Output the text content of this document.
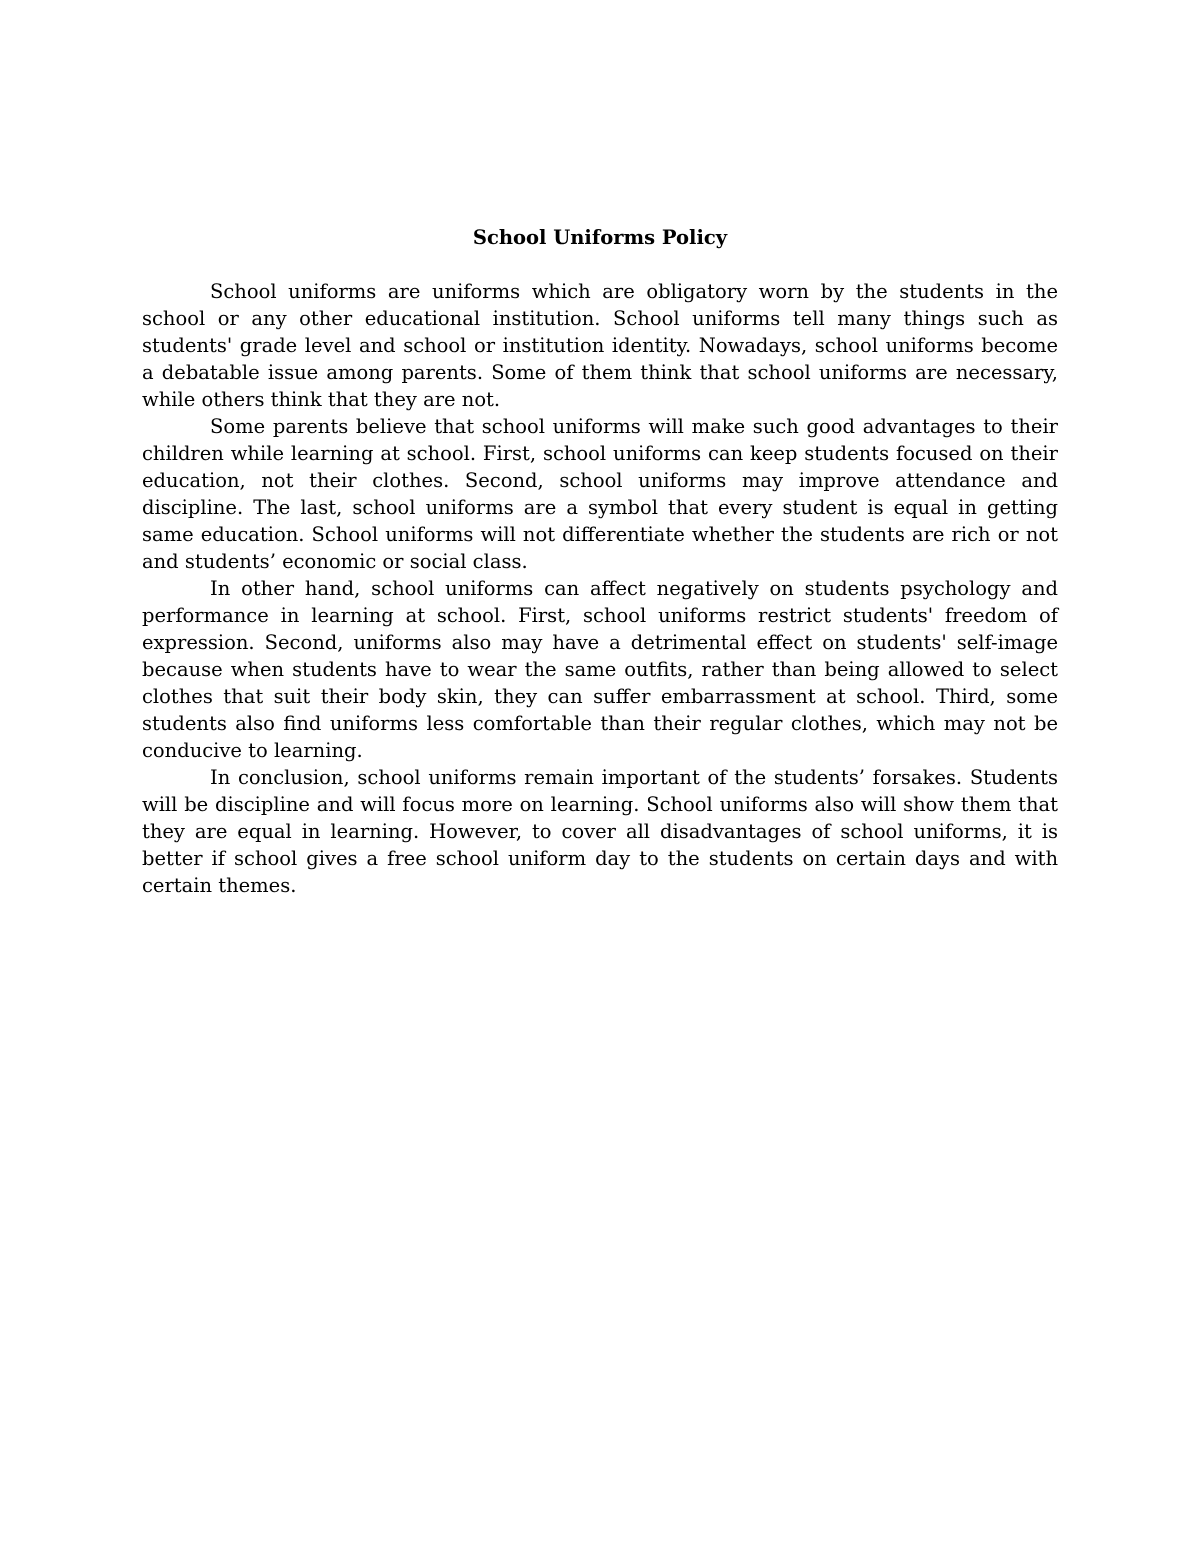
School Uniforms Policy

School uniforms are uniforms which are obligatory worn by the students in the school or any other educational institution. School uniforms tell many things such as students' grade level and school or institution identity. Nowadays, school uniforms become a debatable issue among parents. Some of them think that school uniforms are necessary, while others think that they are not.

Some parents believe that school uniforms will make such good advantages to their children while learning at school. First, school uniforms can keep students focused on their education, not their clothes. Second, school uniforms may improve attendance and discipline. The last, school uniforms are a symbol that every student is equal in getting same education. School uniforms will not differentiate whether the students are rich or not and students’ economic or social class.

In other hand, school uniforms can affect negatively on students psychology and performance in learning at school. First, school uniforms restrict students' freedom of expression. Second, uniforms also may have a detrimental effect on students' self-image because when students have to wear the same outfits, rather than being allowed to select clothes that suit their body skin, they can suffer embarrassment at school. Third, some students also find uniforms less comfortable than their regular clothes, which may not be conducive to learning.

In conclusion, school uniforms remain important of the students’ forsakes. Students will be discipline and will focus more on learning. School uniforms also will show them that they are equal in learning. However, to cover all disadvantages of school uniforms, it is better if school gives a free school uniform day to the students on certain days and with certain themes.
